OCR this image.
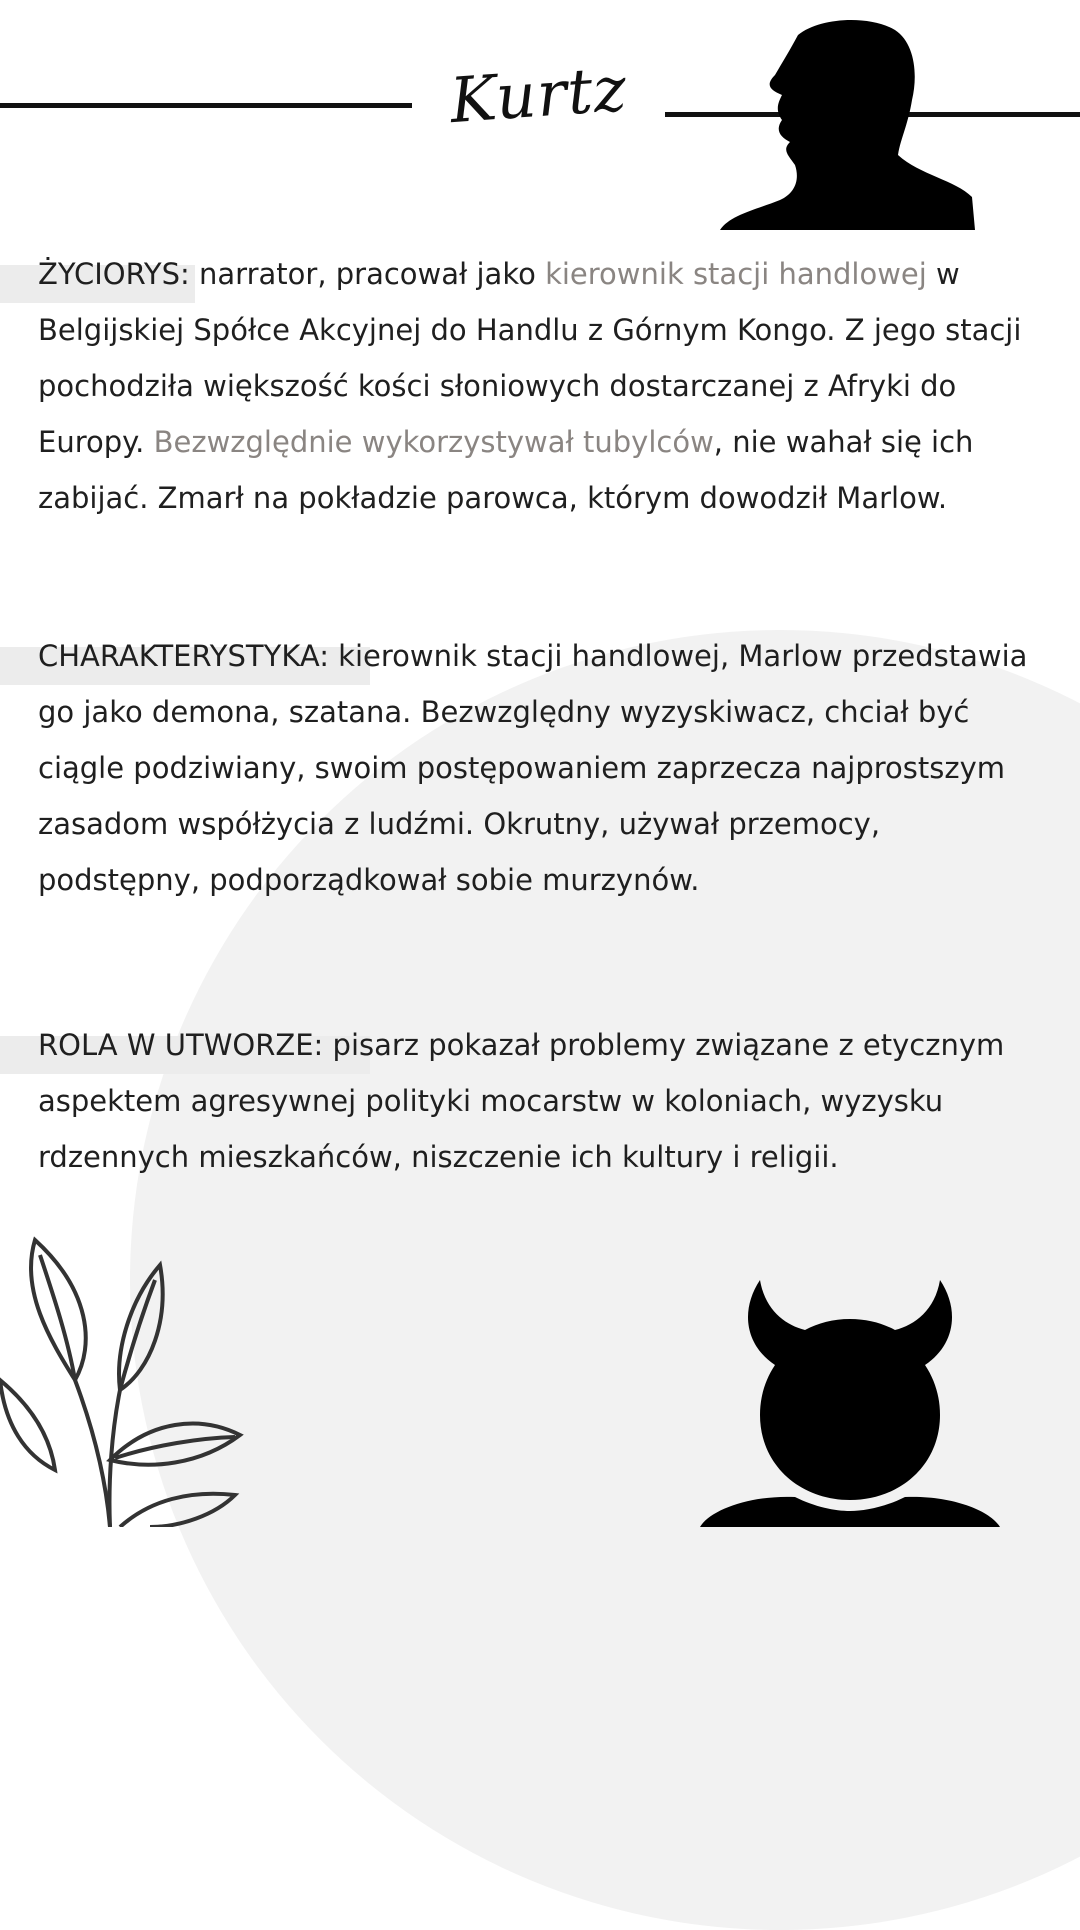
Kurtz
ŻYCIORYS: narrator, pracował jako kierownik stacji handlowej w Belgijskiej Spółce Akcyjnej do Handlu z Górnym Kongo. Z jego stacji pochodziła większość kości słoniowych dostarczanej z Afryki do Europy. Bezwzględnie wykorzystywał tubylców, nie wahał się ich zabijać. Zmarł na pokładzie parowca, którym dowodził Marlow.
CHARAKTERYSTYKA: kierownik stacji handlowej, Marlow przedstawia go jako demona, szatana. Bezwzględny wyzyskiwacz, chciał być ciągle podziwiany, swoim postępowaniem zaprzecza najprostszym zasadom współżycia z ludźmi. Okrutny, używał przemocy, podstępny, podporządkował sobie murzynów.
ROLA W UTWORZE: pisarz pokazał problemy związane z etycznym aspektem agresywnej polityki mocarstw w koloniach, wyzysku rdzennych mieszkańców, niszczenie ich kultury i religii.
